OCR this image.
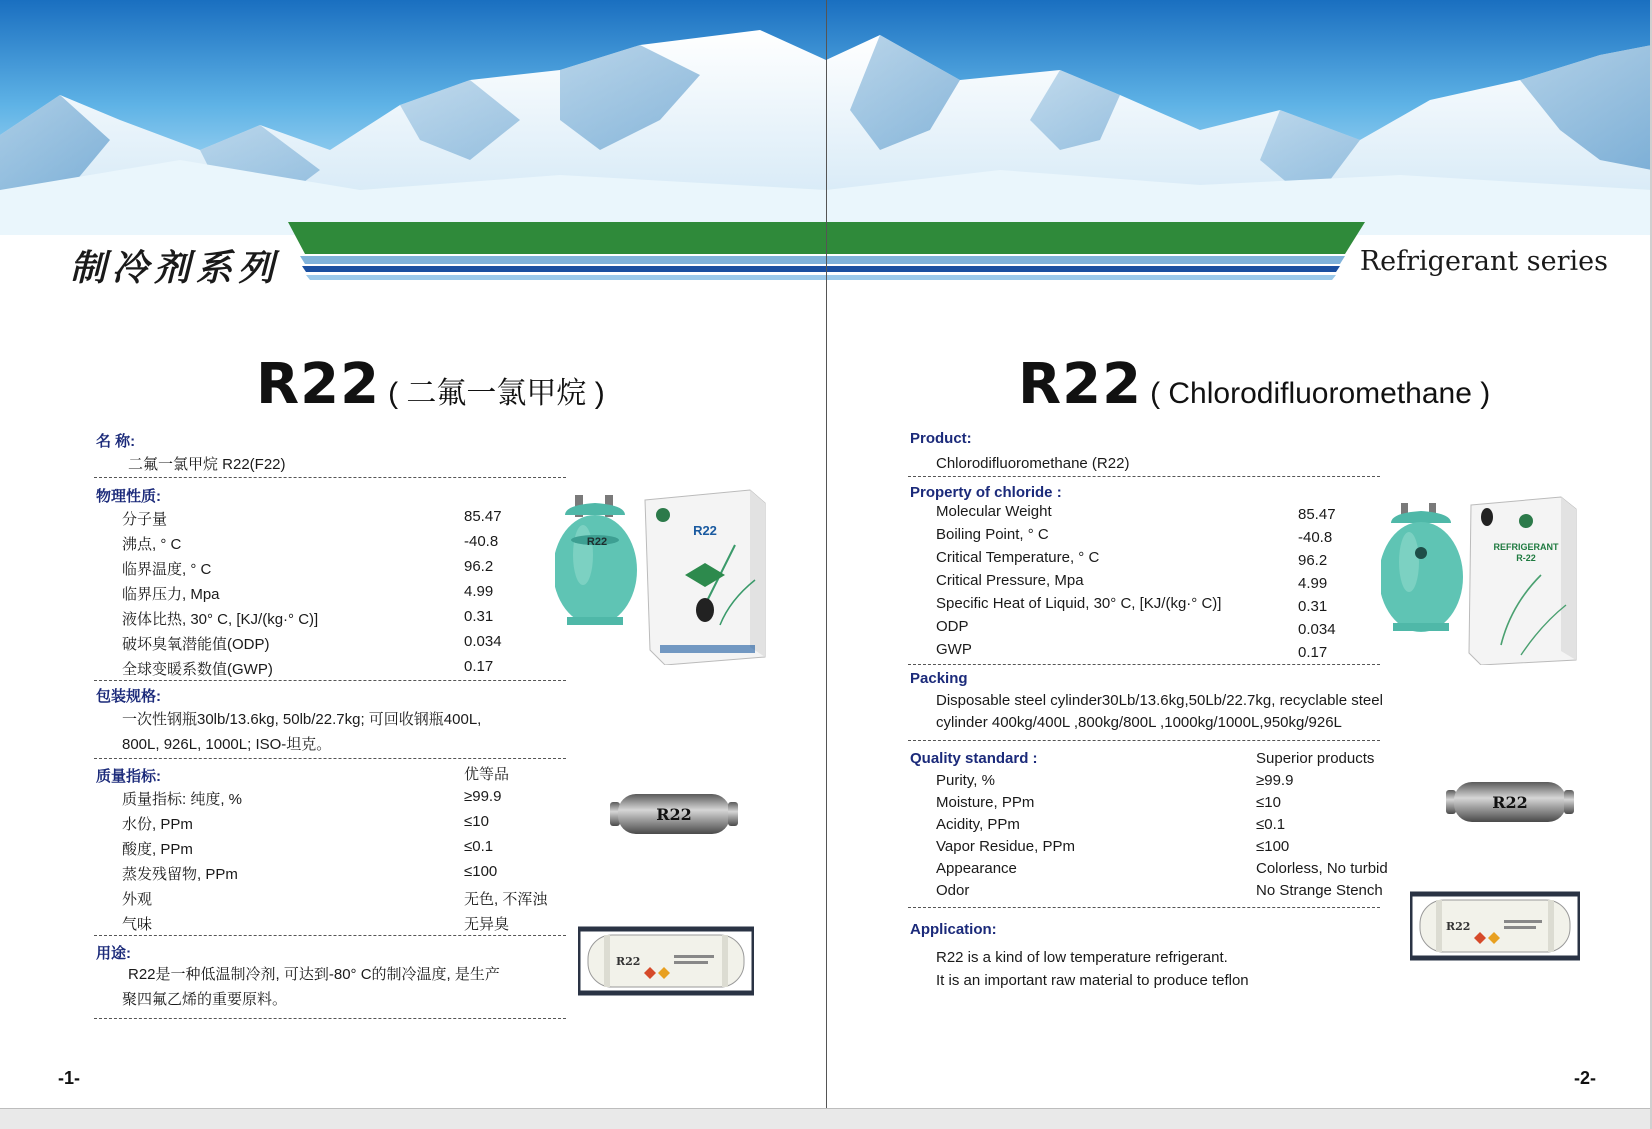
制冷剂系列	Refrigerant series
R22 ( 二氟一氯甲烷 )
名 称:
二氟一氯甲烷 R22(F22)
物理性质:
分子量	85.47
沸点, ° C	-40.8
临界温度, ° C	96.2
临界压力, Mpa	4.99
液体比热, 30° C, [KJ/(kg·° C)]	0.31
破坏臭氧潜能值(ODP)	0.034
全球变暖系数值(GWP)	0.17
包装规格:
一次性钢瓶30lb/13.6kg, 50lb/22.7kg; 可回收钢瓶400L,
800L, 926L, 1000L; ISO-坦克。
质量指标:	优等品
质量指标: 纯度, %	≥99.9
水份, PPm	≤10
酸度, PPm	≤0.1
蒸发残留物, PPm	≤100
外观	无色, 不浑浊
气味	无异臭
用途:
R22是一种低温制冷剂, 可达到-80° C的制冷温度, 是生产
聚四氟乙烯的重要原料。
-1-
R22
R22
R22
R22
R22 ( Chlorodifluoromethane )
Product:
Chlorodifluoromethane (R22)
Property of chloride :
Molecular Weight	85.47
Boiling Point, ° C	-40.8
Critical Temperature, ° C	96.2
Critical Pressure, Mpa	4.99
Specific Heat of Liquid, 30° C, [KJ/(kg·° C)]	0.31
ODP	0.034
GWP	0.17
Packing
Disposable steel cylinder30Lb/13.6kg,50Lb/22.7kg, recyclable steel
cylinder 400kg/400L ,800kg/800L ,1000kg/1000L,950kg/926L
Quality standard :	Superior products
Purity, %	≥99.9
Moisture, PPm	≤10
Acidity, PPm	≤0.1
Vapor Residue, PPm	≤100
Appearance	Colorless, No turbid
Odor	No Strange Stench
Application:
R22 is a kind of low temperature refrigerant.
It is an important raw material to produce teflon
-2-
REFRIGERANT
R-22
R22
R22
